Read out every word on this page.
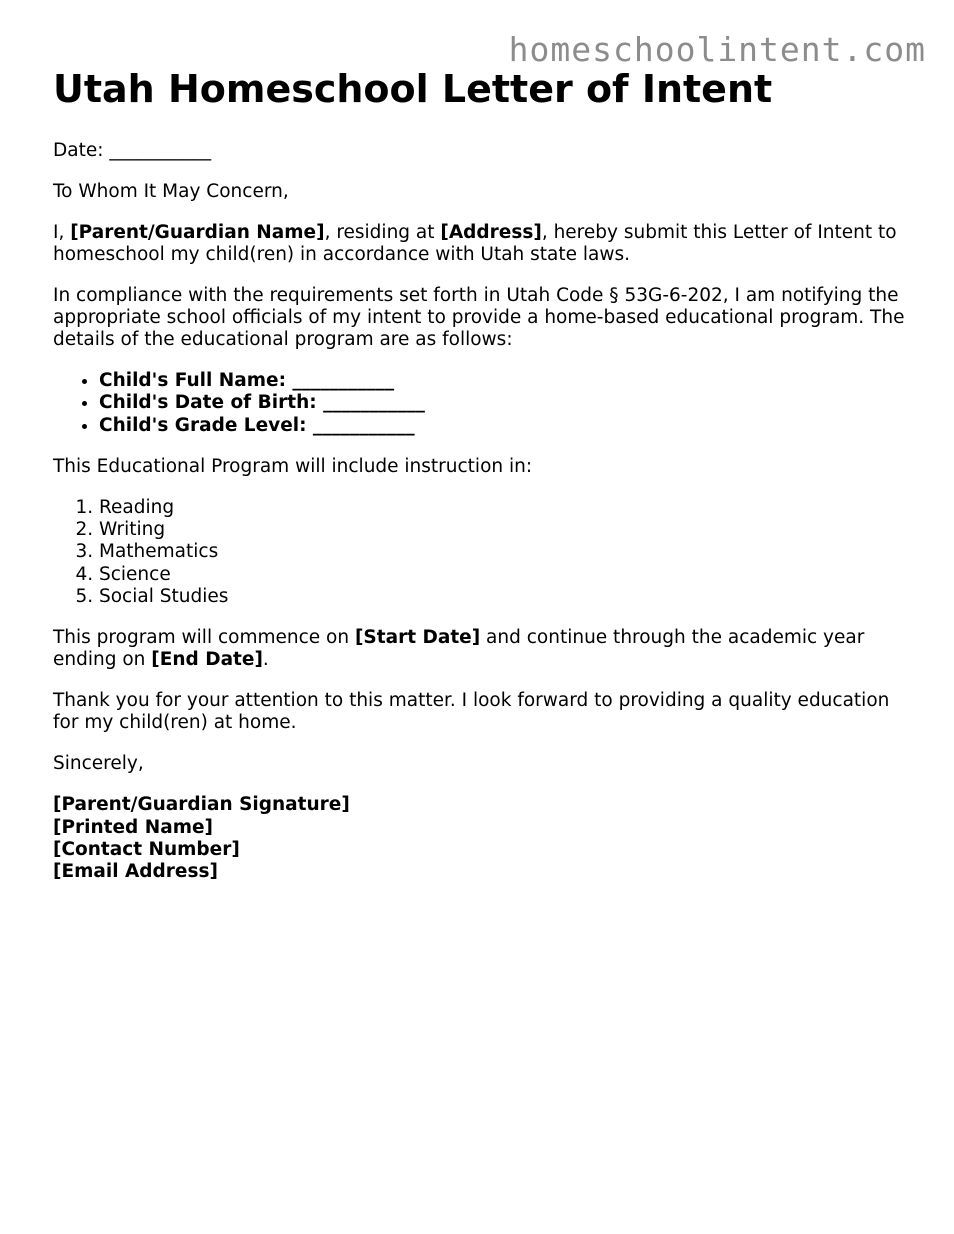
homeschoolintent.com
Utah Homeschool Letter of Intent

Date: ___________

To Whom It May Concern,

I, [Parent/Guardian Name], residing at [Address], hereby submit this Letter of Intent to homeschool my child(ren) in accordance with Utah state laws.

In compliance with the requirements set forth in Utah Code § 53G-6-202, I am notifying the appropriate school officials of my intent to provide a home-based educational program. The details of the educational program are as follows:

• Child's Full Name: ___________
• Child's Date of Birth: ___________
• Child's Grade Level: ___________

This Educational Program will include instruction in:

1. Reading
2. Writing
3. Mathematics
4. Science
5. Social Studies

This program will commence on [Start Date] and continue through the academic year ending on [End Date].

Thank you for your attention to this matter. I look forward to providing a quality education for my child(ren) at home.

Sincerely,

[Parent/Guardian Signature]
[Printed Name]
[Contact Number]
[Email Address]
